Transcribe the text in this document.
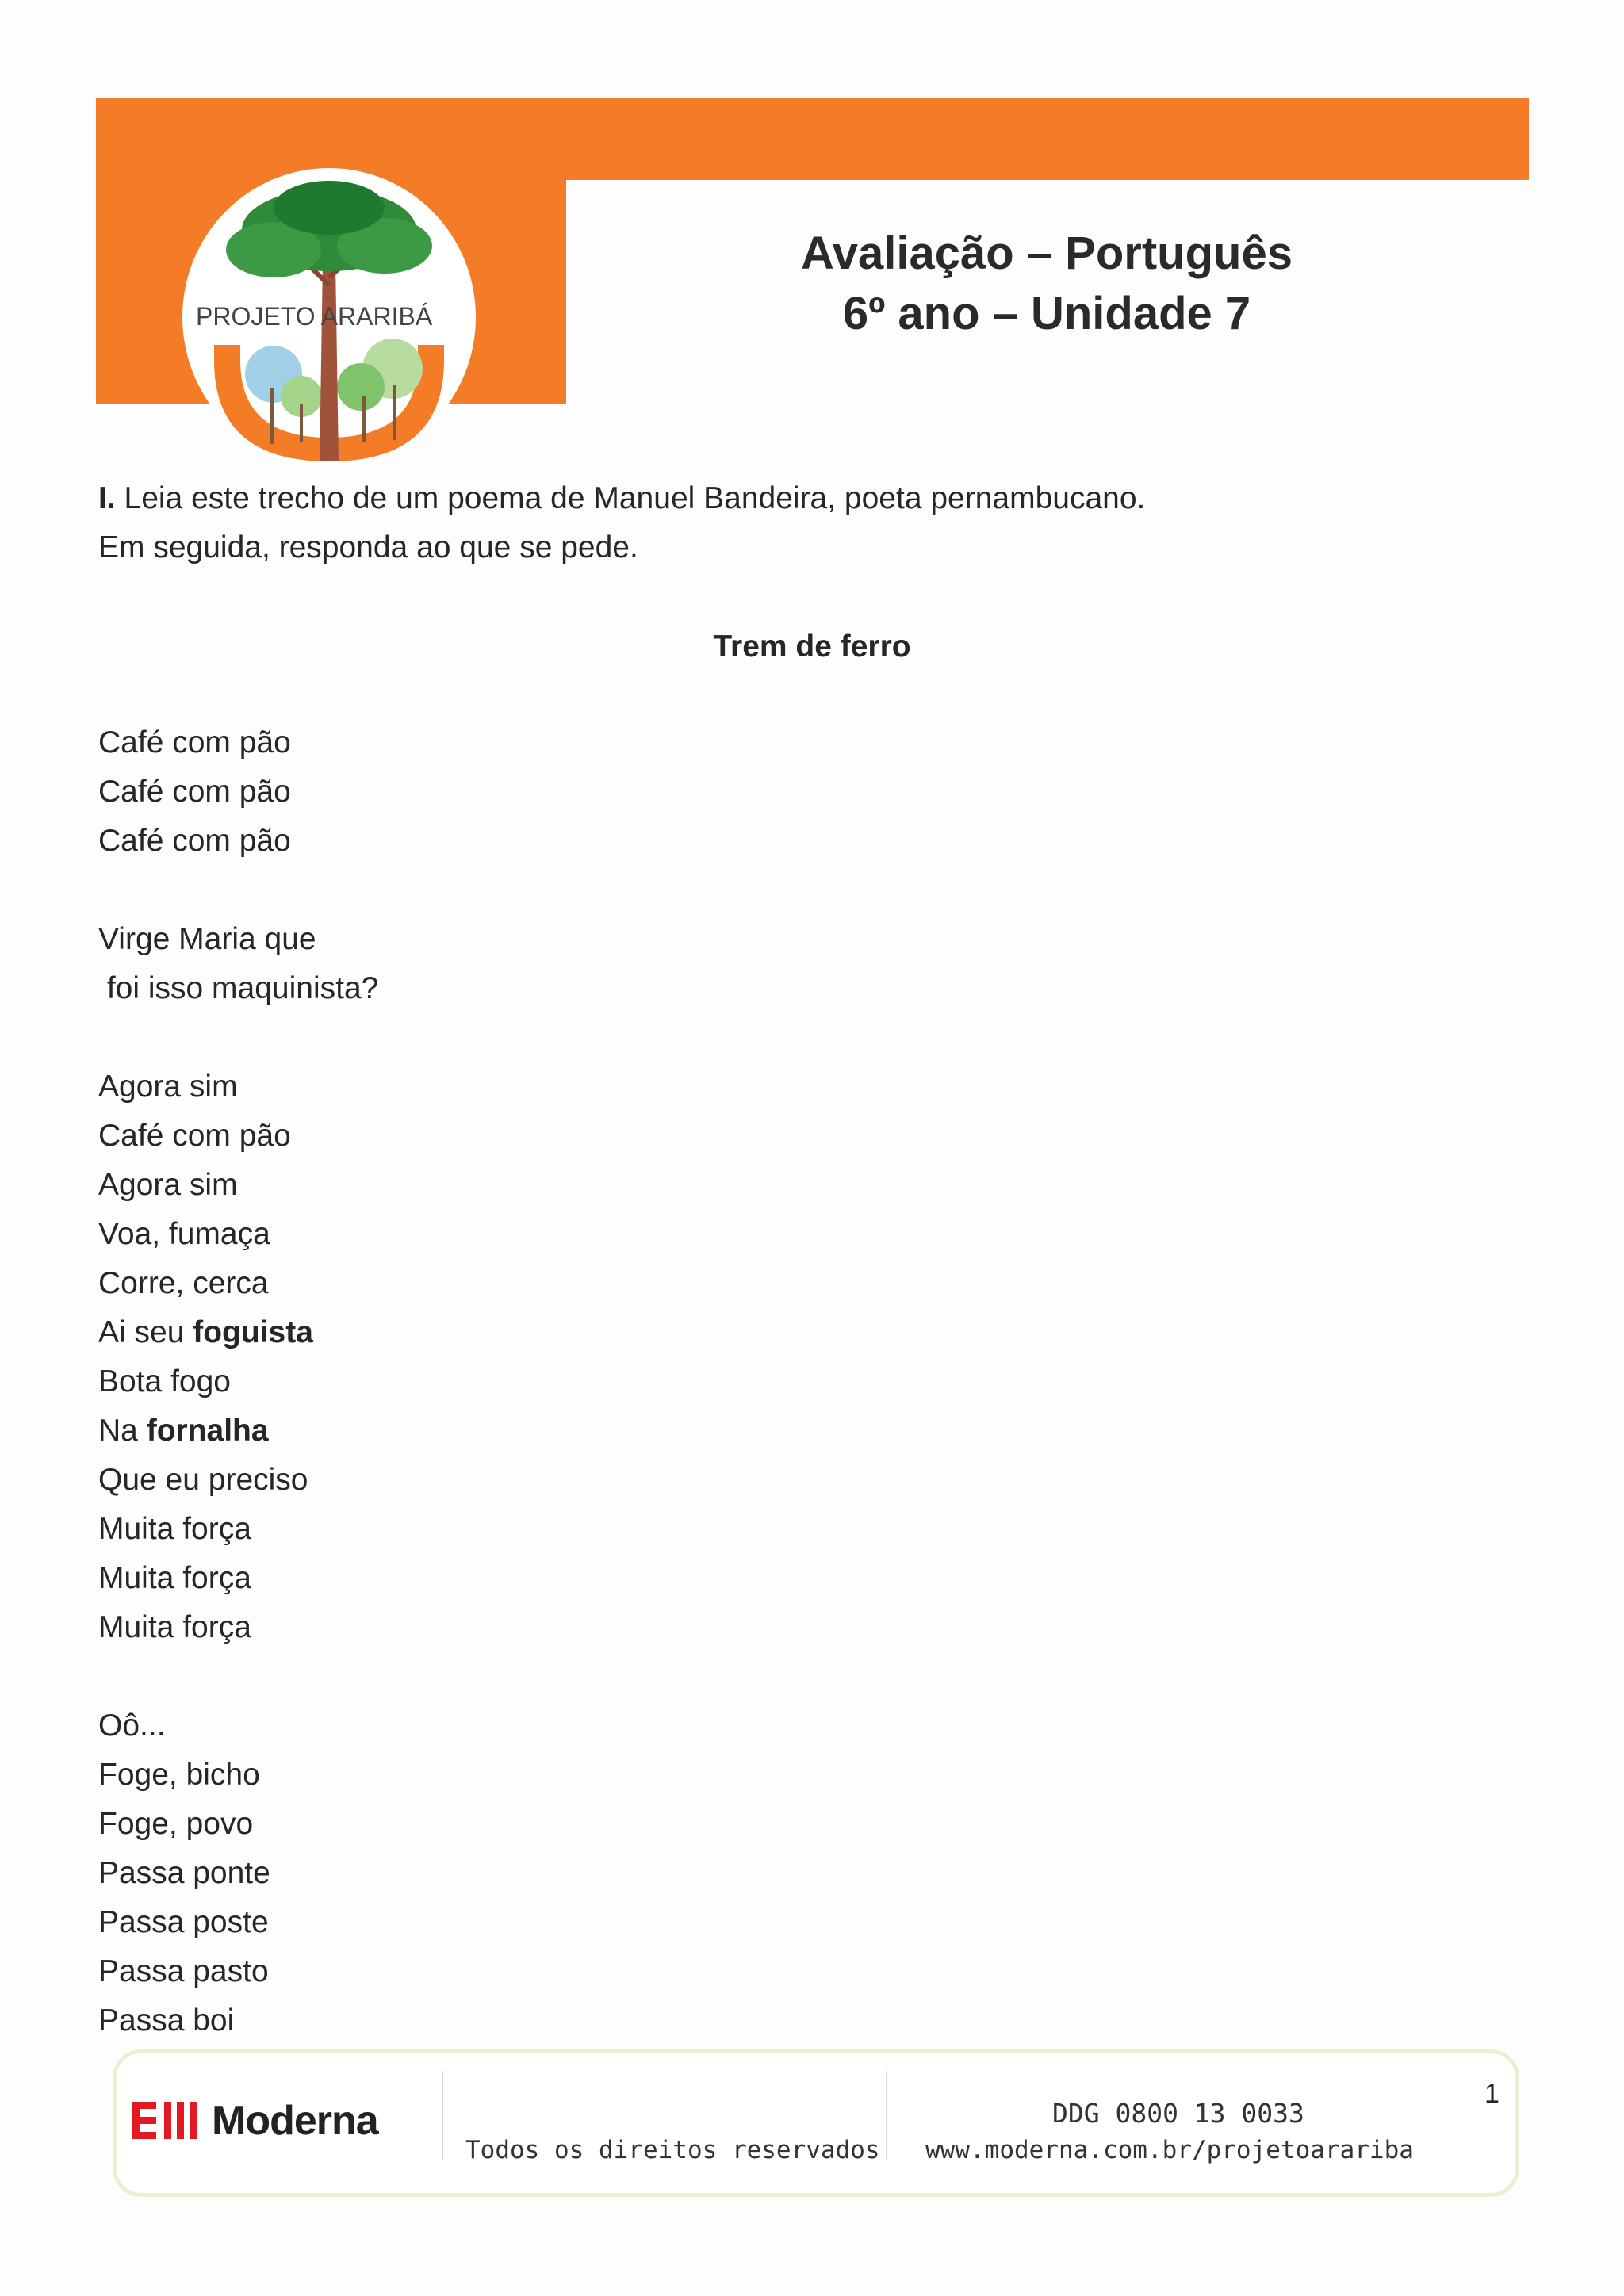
PROJETO ARARIBÁ
Avaliação – Português
6º ano – Unidade 7
I. Leia este trecho de um poema de Manuel Bandeira, poeta pernambucano.
Em seguida, responda ao que se pede.
Trem de ferro
Café com pão
Café com pão
Café com pão
Virge Maria que
foi isso maquinista?
Agora sim
Café com pão
Agora sim
Voa, fumaça
Corre, cerca
Ai seu foguista
Bota fogo
Na fornalha
Que eu preciso
Muita força
Muita força
Muita força
Oô...
Foge, bicho
Foge, povo
Passa ponte
Passa poste
Passa pasto
Passa boi
Moderna
Todos os direitos reservados
DDG 0800 13 0033
www.moderna.com.br/projetoarariba
1
